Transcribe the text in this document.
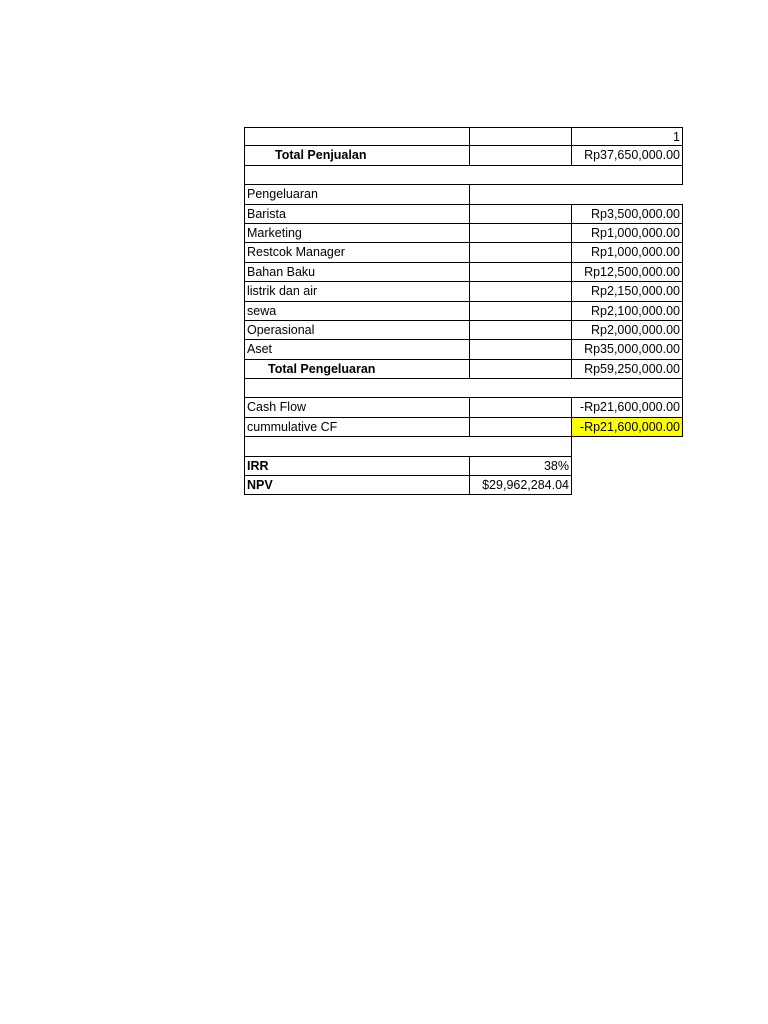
1
Total Penjualan	Rp37,650,000.00
Pengeluaran
Barista	Rp3,500,000.00
Marketing	Rp1,000,000.00
Restcok Manager	Rp1,000,000.00
Bahan Baku	Rp12,500,000.00
listrik dan air	Rp2,150,000.00
sewa	Rp2,100,000.00
Operasional	Rp2,000,000.00
Aset	Rp35,000,000.00
Total Pengeluaran	Rp59,250,000.00
Cash Flow	-Rp21,600,000.00
cummulative CF	-Rp21,600,000.00
IRR	38%
NPV	$29,962,284.04
